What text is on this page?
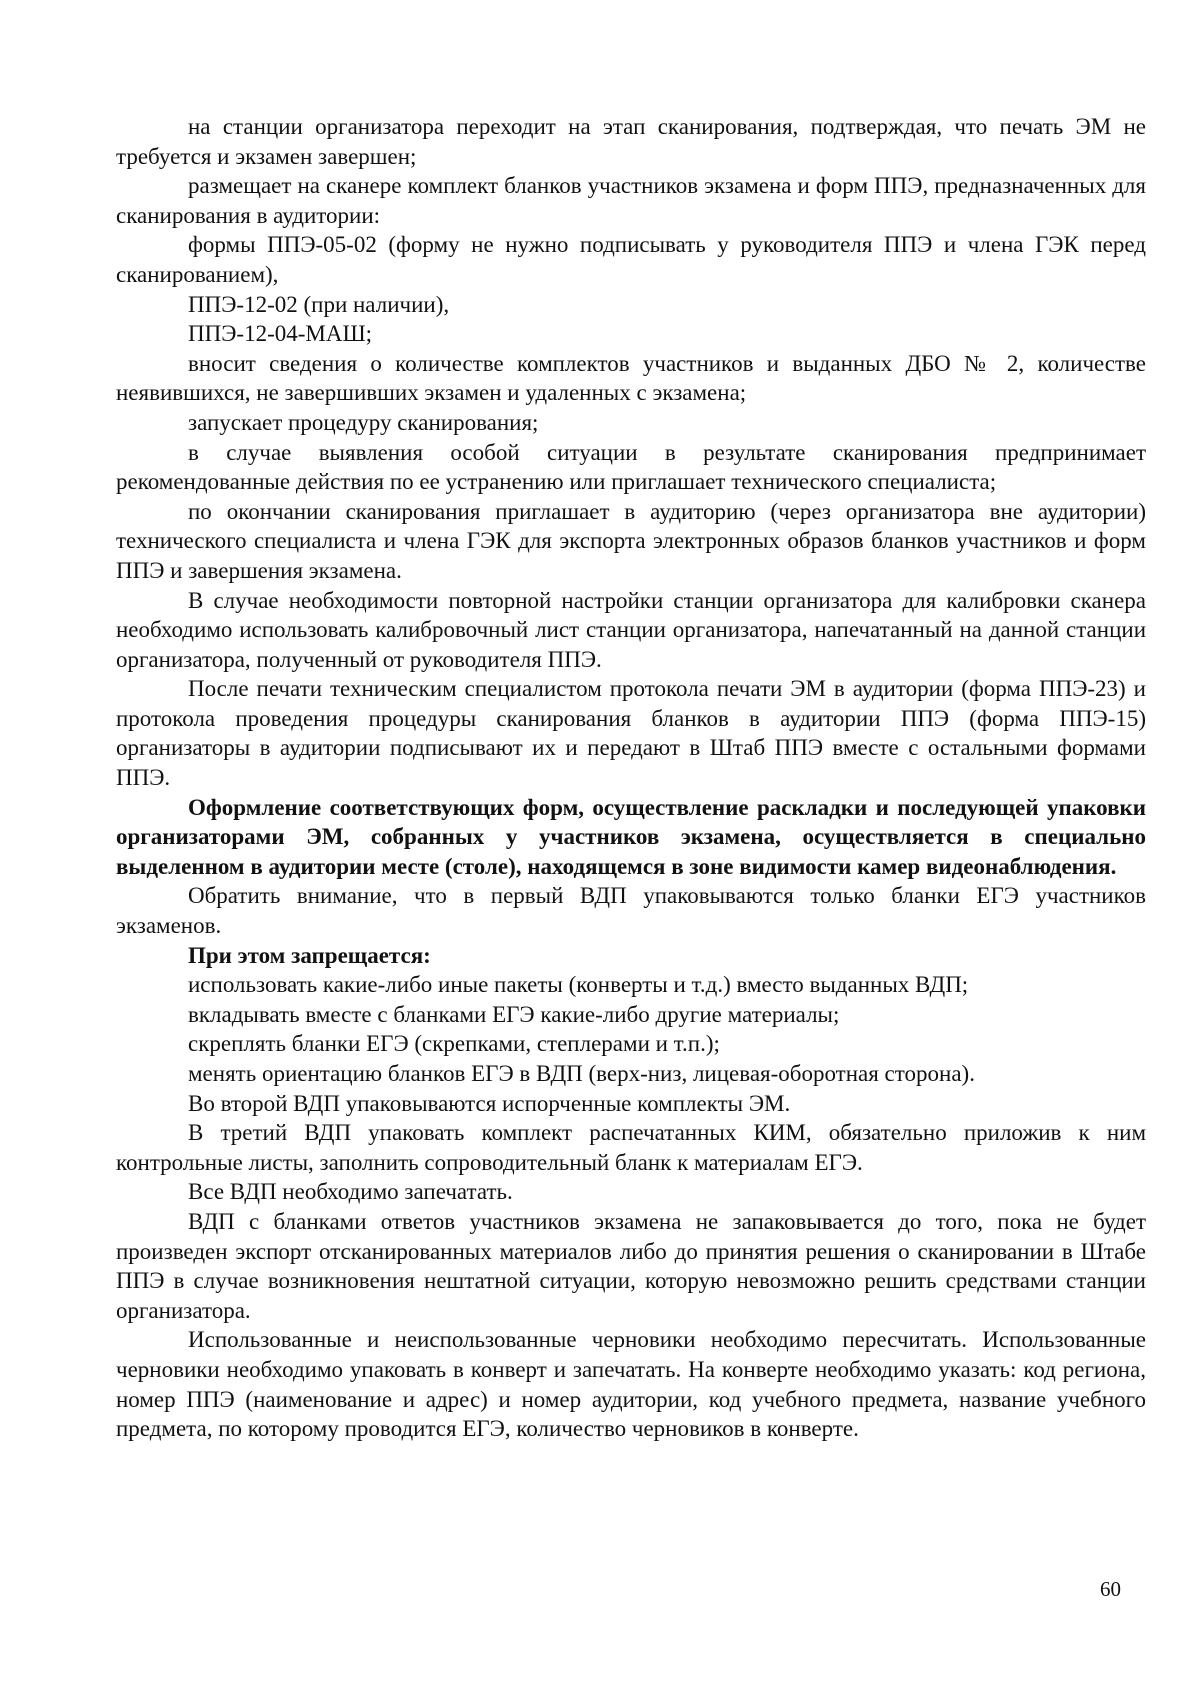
на станции организатора переходит на этап сканирования, подтверждая, что печать ЭМ не требуется и экзамен завершен;

размещает на сканере комплект бланков участников экзамена и форм ППЭ, предназначенных для сканирования в аудитории:

формы ППЭ-05-02 (форму не нужно подписывать у руководителя ППЭ и члена ГЭК перед сканированием),

ППЭ-12-02 (при наличии),

ППЭ-12-04-МАШ;

вносит сведения о количестве комплектов участников и выданных ДБО № 2, количестве неявившихся, не завершивших экзамен и удаленных с экзамена;

запускает процедуру сканирования;

в случае выявления особой ситуации в результате сканирования предпринимает рекомендованные действия по ее устранению или приглашает технического специалиста;

по окончании сканирования приглашает в аудиторию (через организатора вне аудитории) технического специалиста и члена ГЭК для экспорта электронных образов бланков участников и форм ППЭ и завершения экзамена.

В случае необходимости повторной настройки станции организатора для калибровки сканера необходимо использовать калибровочный лист станции организатора, напечатанный на данной станции организатора, полученный от руководителя ППЭ.

После печати техническим специалистом протокола печати ЭМ в аудитории (форма ППЭ-23) и протокола проведения процедуры сканирования бланков в аудитории ППЭ (форма ППЭ-15) организаторы в аудитории подписывают их и передают в Штаб ППЭ вместе с остальными формами ППЭ.

Оформление соответствующих форм, осуществление раскладки и последующей упаковки организаторами ЭМ, собранных у участников экзамена, осуществляется в специально выделенном в аудитории месте (столе), находящемся в зоне видимости камер видеонаблюдения.

Обратить внимание, что в первый ВДП упаковываются только бланки ЕГЭ участников экзаменов.

При этом запрещается:

использовать какие-либо иные пакеты (конверты и т.д.) вместо выданных ВДП;

вкладывать вместе с бланками ЕГЭ какие-либо другие материалы;

скреплять бланки ЕГЭ (скрепками, степлерами и т.п.);

менять ориентацию бланков ЕГЭ в ВДП (верх-низ, лицевая-оборотная сторона).

Во второй ВДП упаковываются испорченные комплекты ЭМ.

В третий ВДП упаковать комплект распечатанных КИМ, обязательно приложив к ним контрольные листы, заполнить сопроводительный бланк к материалам ЕГЭ.

Все ВДП необходимо запечатать.

ВДП с бланками ответов участников экзамена не запаковывается до того, пока не будет произведен экспорт отсканированных материалов либо до принятия решения о сканировании в Штабе ППЭ в случае возникновения нештатной ситуации, которую невозможно решить средствами станции организатора.

Использованные и неиспользованные черновики необходимо пересчитать. Использованные черновики необходимо упаковать в конверт и запечатать. На конверте необходимо указать: код региона, номер ППЭ (наименование и адрес) и номер аудитории, код учебного предмета, название учебного предмета, по которому проводится ЕГЭ, количество черновиков в конверте.

60
